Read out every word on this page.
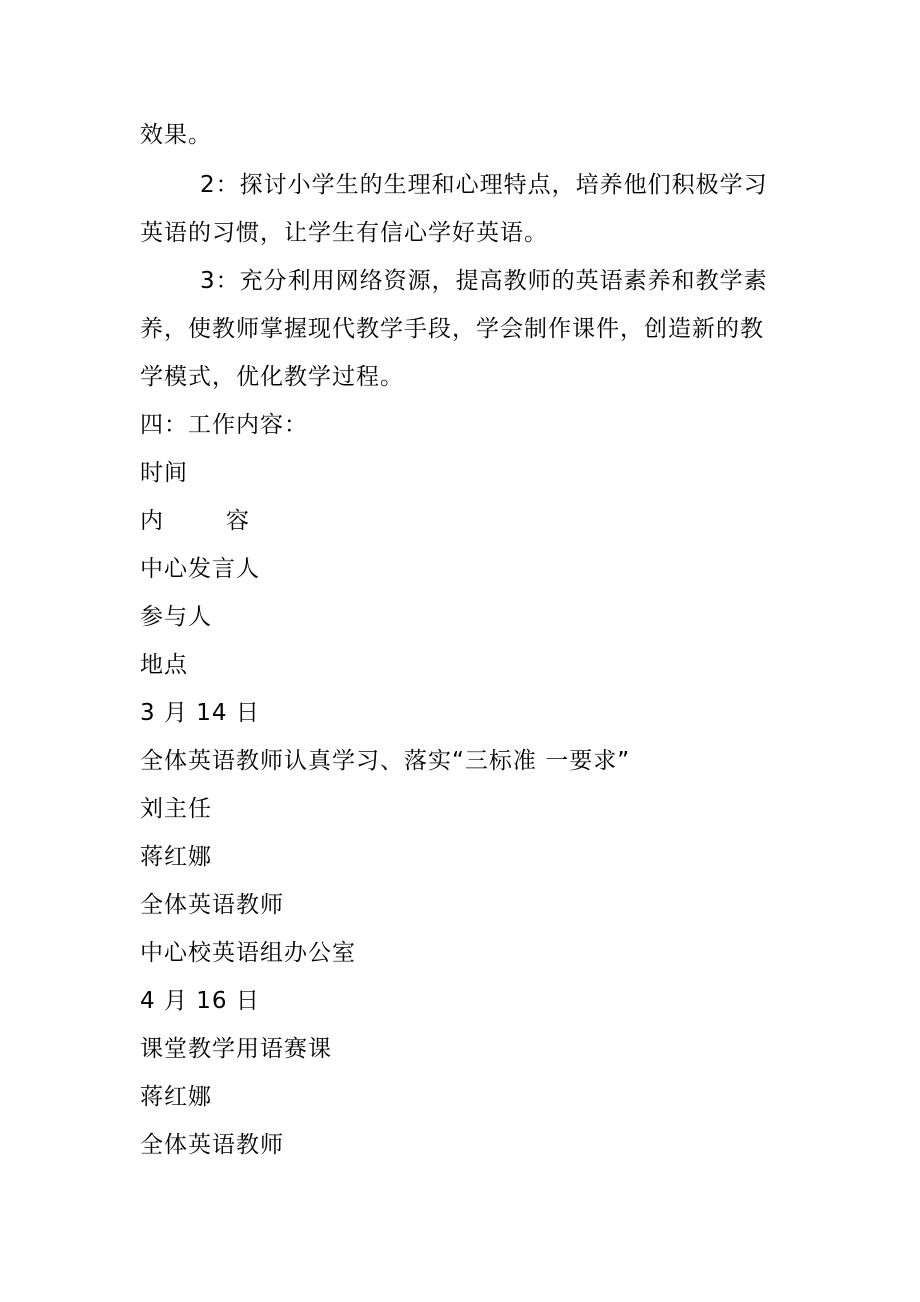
效果。
2：探讨小学生的生理和心理特点，培养他们积极学习
英语的习惯，让学生有信心学好英语。
3：充分利用网络资源，提高教师的英语素养和教学素
养，使教师掌握现代教学手段，学会制作课件，创造新的教
学模式，优化教学过程。
四：工作内容：
时间
内	容
中心发言人
参与人
地点
3 月 14 日
全体英语教师认真学习、落实“三标准 一要求”
刘主任
蒋红娜
全体英语教师
中心校英语组办公室
4 月 16 日
课堂教学用语赛课
蒋红娜
全体英语教师
